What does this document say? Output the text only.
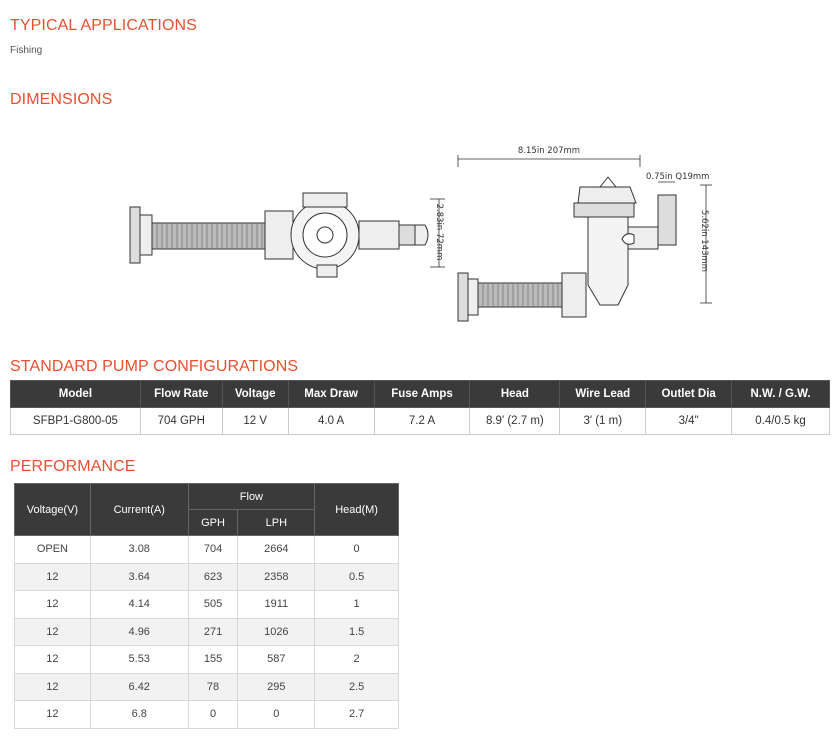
TYPICAL APPLICATIONS
Fishing
DIMENSIONS
2.83in 72mm
8.15in 207mm
0.75in Q19mm
5.62in 143mm
STANDARD PUMP CONFIGURATIONS
Model	Flow Rate	Voltage	Max Draw	Fuse Amps	Head	Wire Lead	Outlet Dia	N.W. / G.W.
SFBP1-G800-05	704 GPH	12 V	4.0 A	7.2 A	8.9' (2.7 m)	3' (1 m)	3/4"	0.4/0.5 kg
PERFORMANCE
Voltage(V)	Current(A)	Flow		Head(M)
		GPH	LPH	
OPEN	3.08	704	2664	0
12	3.64	623	2358	0.5
12	4.14	505	1911	1
12	4.96	271	1026	1.5
12	5.53	155	587	2
12	6.42	78	295	2.5
12	6.8	0	0	2.7
